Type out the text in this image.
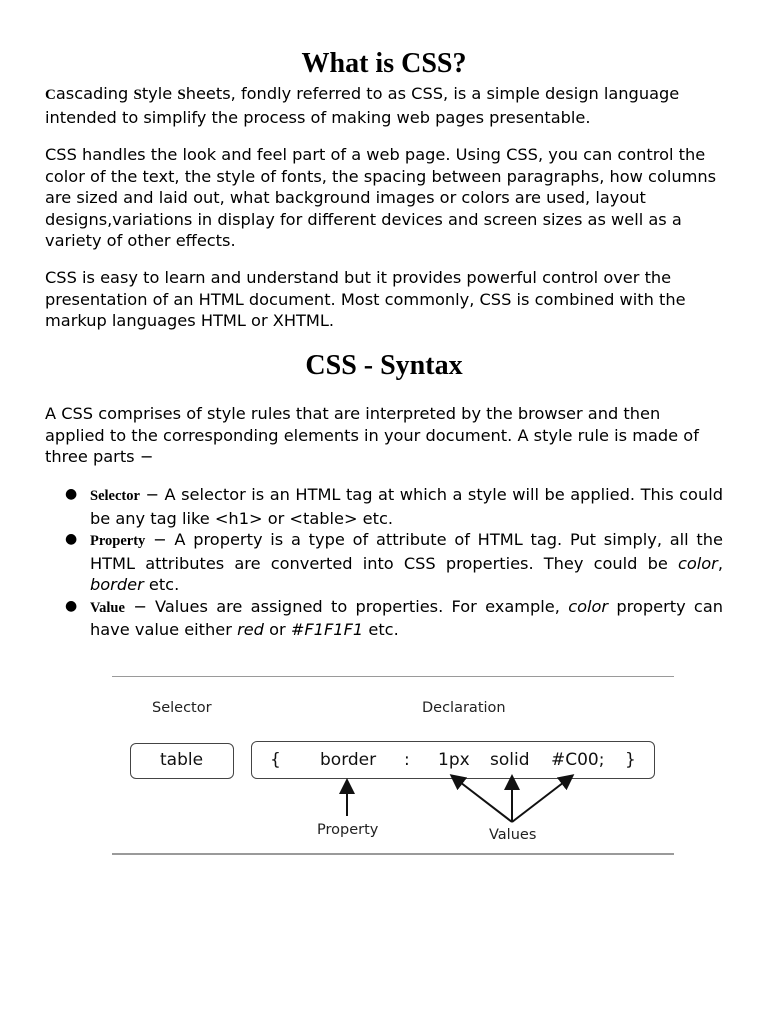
What is CSS?

Cascading Style Sheets, fondly referred to as CSS, is a simple design language intended to simplify the process of making web pages presentable.

CSS handles the look and feel part of a web page. Using CSS, you can control the color of the text, the style of fonts, the spacing between paragraphs, how columns are sized and laid out, what background images or colors are used, layout designs,variations in display for different devices and screen sizes as well as a variety of other effects.

CSS is easy to learn and understand but it provides powerful control over the presentation of an HTML document. Most commonly, CSS is combined with the markup languages HTML or XHTML.

CSS - Syntax

A CSS comprises of style rules that are interpreted by the browser and then applied to the corresponding elements in your document. A style rule is made of three parts −

● Selector − A selector is an HTML tag at which a style will be applied. This could be any tag like <h1> or <table> etc.
● Property − A property is a type of attribute of HTML tag. Put simply, all the HTML attributes are converted into CSS properties. They could be color, border etc.
● Value − Values are assigned to properties. For example, color property can have value either red or #F1F1F1 etc.
Selector	Declaration
table	{ border : 1px solid #C00; }
Property	Values
